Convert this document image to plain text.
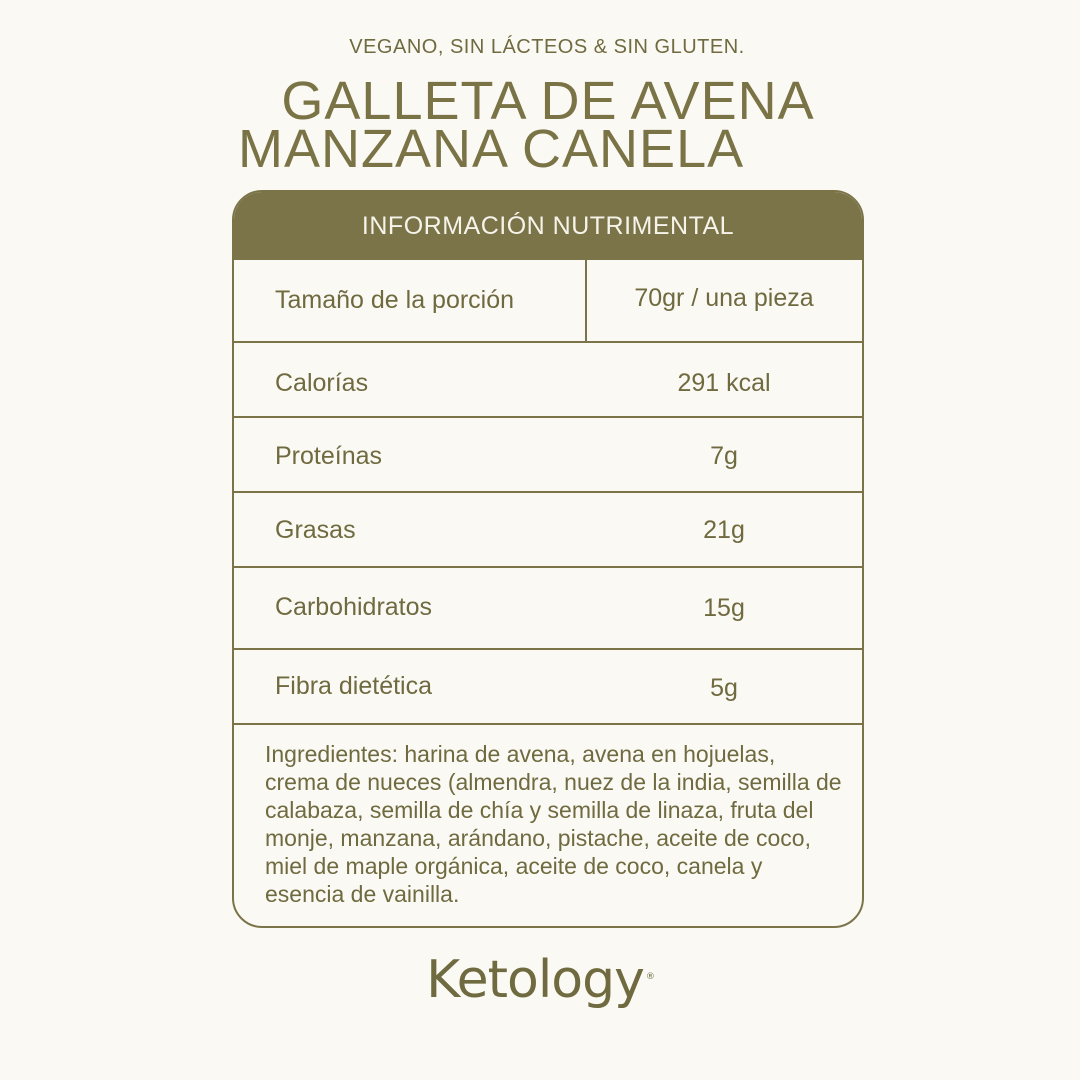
VEGANO, SIN LÁCTEOS & SIN GLUTEN.
GALLETA DE AVENA
MANZANA CANELA
INFORMACIÓN NUTRIMENTAL
Tamaño de la porción	70gr / una pieza
Calorías	291 kcal
Proteínas	7g
Grasas	21g
Carbohidratos	15g
Fibra dietética	5g
Ingredientes: harina de avena, avena en hojuelas, crema de nueces (almendra, nuez de la india, semilla de calabaza, semilla de chía y semilla de linaza, fruta del monje, manzana, arándano, pistache, aceite de coco, miel de maple orgánica, aceite de coco, canela y esencia de vainilla.
Ketology ®
